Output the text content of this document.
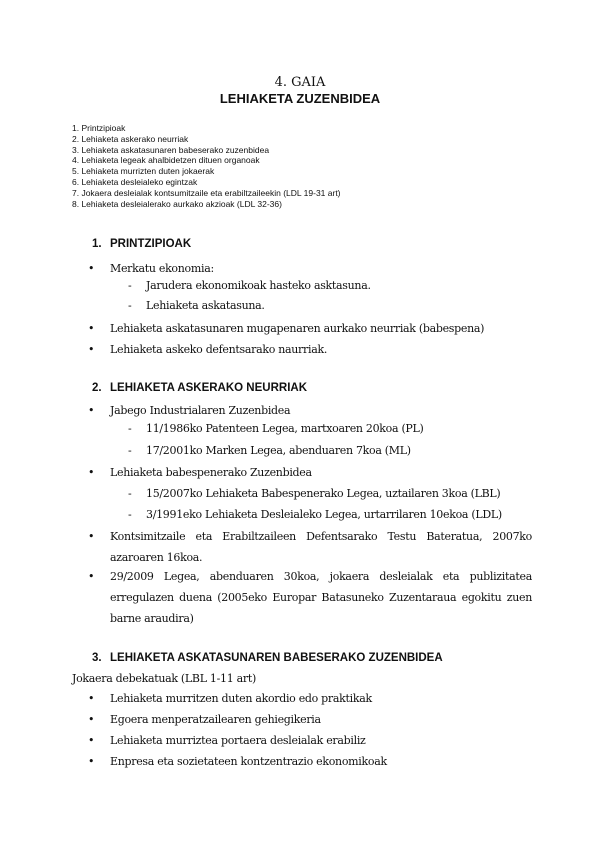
4. GAIA
LEHIAKETA ZUZENBIDEA
1. Printzipioak
2. Lehiaketa askerako neurriak
3. Lehiaketa askatasunaren babeserako zuzenbidea
4. Lehiaketa legeak ahalbidetzen dituen organoak
5. Lehiaketa murrizten duten jokaerak
6. Lehiaketa desleialeko egintzak
7. Jokaera desleialak kontsumitzaile eta erabiltzaileekin (LDL 19-31 art)
8. Lehiaketa desleialerako aurkako akzioak (LDL 32-36)
1. PRINTZIPIOAK
• Merkatu ekonomia:
- Jarudera ekonomikoak hasteko asktasuna.
- Lehiaketa askatasuna.
• Lehiaketa askatasunaren mugapenaren aurkako neurriak (babespena)
• Lehiaketa askeko defentsarako naurriak.
2. LEHIAKETA ASKERAKO NEURRIAK
• Jabego Industrialaren Zuzenbidea
- 11/1986ko Patenteen Legea, martxoaren 20koa (PL)
- 17/2001ko Marken Legea, abenduaren 7koa (ML)
• Lehiaketa babespenerako Zuzenbidea
- 15/2007ko Lehiaketa Babespenerako Legea, uztailaren 3koa (LBL)
- 3/1991eko Lehiaketa Desleialeko Legea, urtarrilaren 10ekoa (LDL)
• Kontsimitzaile eta Erabiltzaileen Defentsarako Testu Bateratua, 2007ko azaroaren 16koa.
• 29/2009 Legea, abenduaren 30koa, jokaera desleialak eta publizitatea erregulazen duena (2005eko Europar Batasuneko Zuzentaraua egokitu zuen barne araudira)
3. LEHIAKETA ASKATASUNAREN BABESERAKO ZUZENBIDEA
Jokaera debekatuak (LBL 1-11 art)
• Lehiaketa murritzen duten akordio edo praktikak
• Egoera menperatzailearen gehiegikeria
• Lehiaketa murriztea portaera desleialak erabiliz
• Enpresa eta sozietateen kontzentrazio ekonomikoak
